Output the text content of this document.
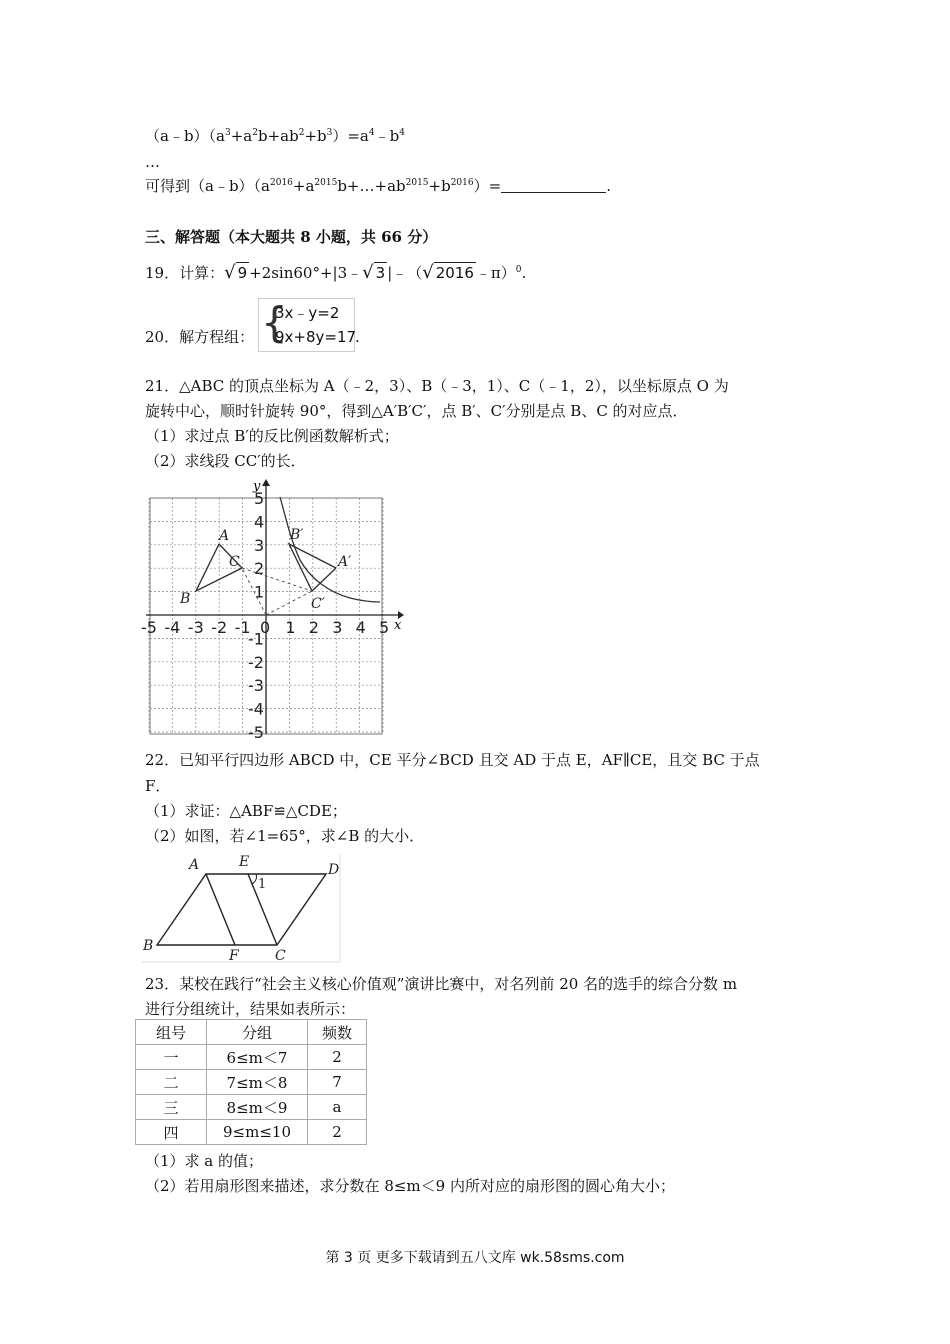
$(a﹣b)(a^3+a^2b+ab^2+b^3)=a^4﹣b^4$
…
可得到$(a﹣b)(a^{2016}+a^{2015}b+\dots+ab^{2015}+b^{2016})=$	.
三、解答题（本大题共 8 小题，共 66 分）
19．计算：√ 9 +2sin60°+|3﹣√ 3 |﹣（√ 2016 ﹣π）$^0$.
20．解方程组： {
3x﹣y=2
9x+8y=17
.
21．△ABC 的顶点坐标为 A（﹣2，3）、B（﹣3，1）、C（﹣1，2），以坐标原点 O 为
旋转中心，顺时针旋转 90°，得到△A′B′C′，点 B′、C′分别是点 B、C 的对应点．
（1）求过点 B′的反比例函数解析式；
（2）求线段 CC′的长．
x
y
-5 -4 -3 -2 -1 0 1 2 3 4 5
5
4
3
2
1
-1
-2
-3
-4
-5
A
B
C	A′
B′
C′
22．已知平行四边形 ABCD 中，CE 平分∠BCD 且交 AD 于点 E，AF∥CE，且交 BC 于点
F．
（1）求证：△ABF≌△CDE；
（2）如图，若∠1=65°，求∠B 的大小．
A	E	D
B
F	C
1
23．某校在践行“社会主义核心价值观”演讲比赛中，对名列前 20 名的选手的综合分数 m
进行分组统计，结果如表所示：
组号	分组	频数
一	6≤m＜7	2
二	7≤m＜8	7
三	8≤m＜9	a
四	9≤m≤10	2
（1）求 a 的值；
（2）若用扇形图来描述，求分数在 8≤m＜9 内所对应的扇形图的圆心角大小；
第 3 页 更多下载请到五八文库 wk.58sms.com
